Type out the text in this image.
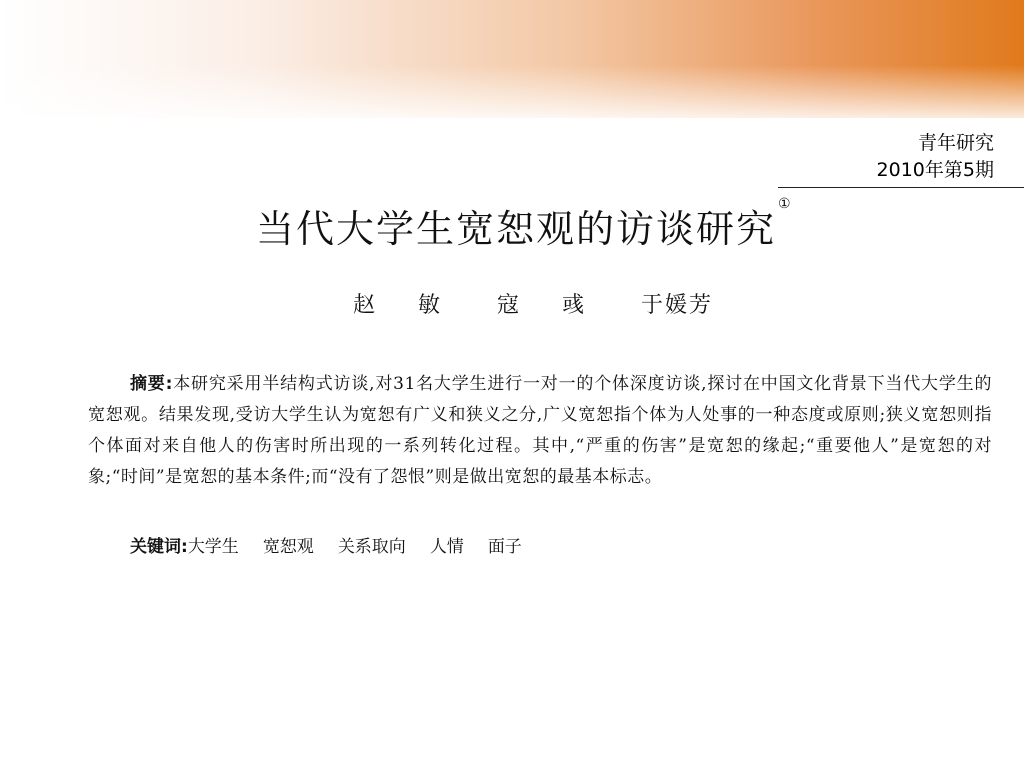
青年研究
2010年第5期
当代大学生宽恕观的访谈研究①
赵 敏 寇 彧 于媛芳
摘要:本研究采用半结构式访谈,对31名大学生进行一对一的个体深度访谈,探讨在中国文化背景下当代大学生的宽恕观。结果发现,受访大学生认为宽恕有广义和狭义之分,广义宽恕指个体为人处事的一种态度或原则;狭义宽恕则指个体面对来自他人的伤害时所出现的一系列转化过程。其中,“严重的伤害”是宽恕的缘起;“重要他人”是宽恕的对象;“时间”是宽恕的基本条件;而“没有了怨恨”则是做出宽恕的最基本标志。
关键词:大学生 宽恕观 关系取向 人情 面子
